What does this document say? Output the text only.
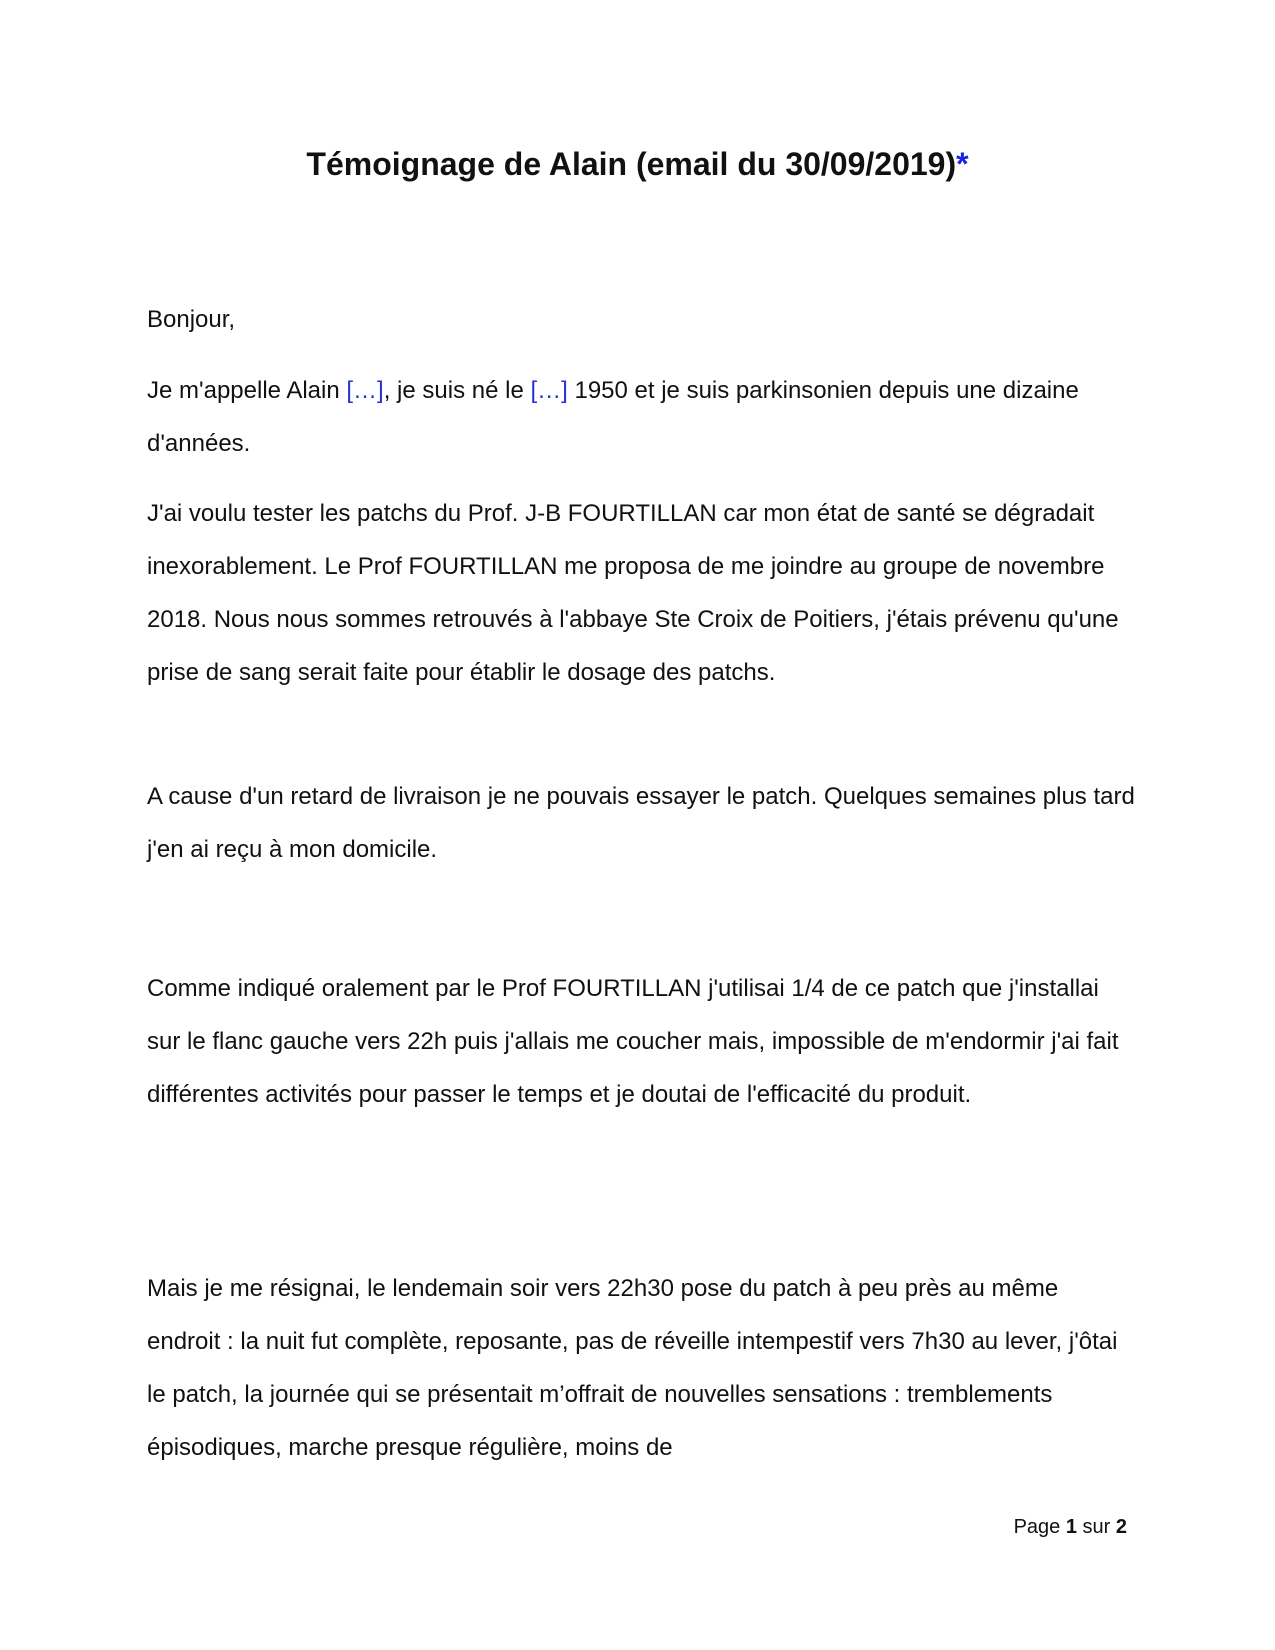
Témoignage de Alain (email du 30/09/2019)*

Bonjour,

Je m'appelle Alain […], je suis né le […] 1950 et je suis parkinsonien depuis une dizaine d'années.

J'ai voulu tester les patchs du Prof. J-B FOURTILLAN car mon état de santé se dégradait inexorablement. Le Prof FOURTILLAN me proposa de me joindre au groupe de novembre 2018. Nous nous sommes retrouvés à l'abbaye Ste Croix de Poitiers, j'étais prévenu qu'une prise de sang serait faite pour établir le dosage des patchs.

A cause d'un retard de livraison je ne pouvais essayer le patch. Quelques semaines plus tard j'en ai reçu à mon domicile.

Comme indiqué oralement par le Prof FOURTILLAN j'utilisai 1/4 de ce patch que j'installai sur le flanc gauche vers 22h puis j'allais me coucher mais, impossible de m'endormir j'ai fait différentes activités pour passer le temps et je doutai de l'efficacité du produit.

Mais je me résignai, le lendemain soir vers 22h30 pose du patch à peu près au même endroit : la nuit fut complète, reposante, pas de réveille intempestif vers 7h30 au lever, j'ôtai le patch, la journée qui se présentait m’offrait de nouvelles sensations : tremblements épisodiques, marche presque régulière, moins de

Page 1 sur 2
